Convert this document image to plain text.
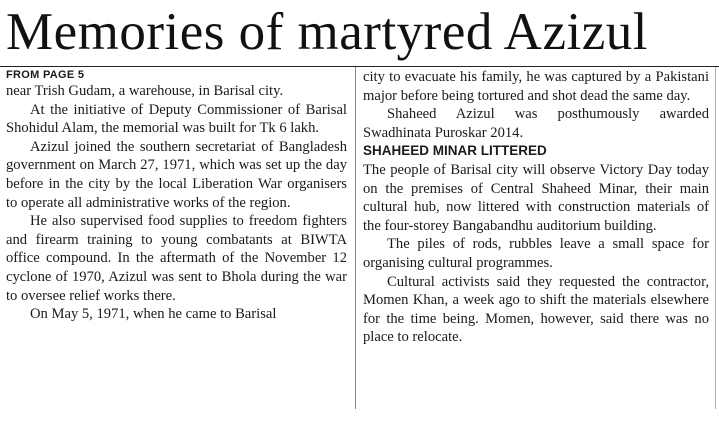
Memories of martyred Azizul
FROM PAGE 5

near Trish Gudam, a warehouse, in Barisal city.

At the initiative of Deputy Commissioner of Barisal Shohidul Alam, the memorial was built for Tk 6 lakh.

Azizul joined the southern secretariat of Bangladesh government on March 27, 1971, which was set up the day before in the city by the local Liberation War organisers to operate all administrative works of the region.

He also supervised food supplies to freedom fighters and firearm training to young combatants at BIWTA office compound. In the aftermath of the November 12 cyclone of 1970, Azizul was sent to Bhola during the war to oversee relief works there.

On May 5, 1971, when he came to Barisal

city to evacuate his family, he was captured by a Pakistani major before being tortured and shot dead the same day.

Shaheed Azizul was posthumously awarded Swadhinata Puroskar 2014.

SHAHEED MINAR LITTERED

The people of Barisal city will observe Victory Day today on the premises of Central Shaheed Minar, their main cultural hub, now littered with construction materials of the four-storey Bangabandhu auditorium building.

The piles of rods, rubbles leave a small space for organising cultural programmes.

Cultural activists said they requested the contractor, Momen Khan, a week ago to shift the materials elsewhere for the time being. Momen, however, said there was no place to relocate.
